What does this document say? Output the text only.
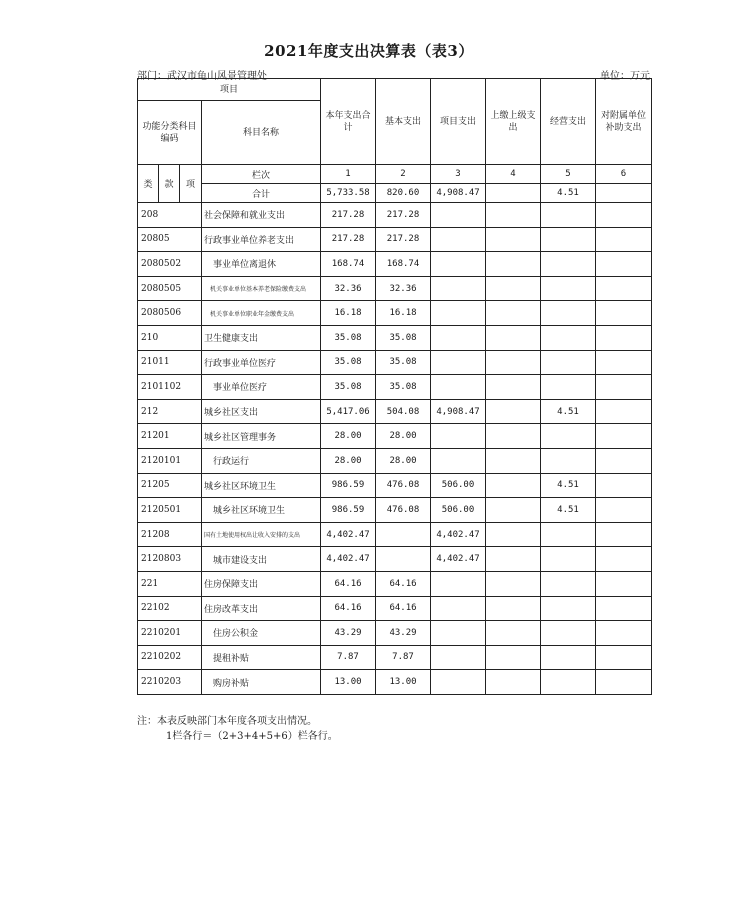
2021年度支出决算表（表3）
部门：武汉市龟山风景管理处	单位：万元
项目				本年支出合计	基本支出	项目支出	上缴上级支出	经营支出	对附属单位补助支出
功能分类科目编码			科目名称						

类	款	项	栏次	1	2	3	4	5	6
			合计	5,733.58	820.60	4,908.47		4.51	
208			社会保障和就业支出	217.28	217.28				
20805			行政事业单位养老支出	217.28	217.28				
2080502			事业单位离退休	168.74	168.74				
2080505			机关事业单位基本养老保险缴费支出	32.36	32.36				
2080506			机关事业单位职业年金缴费支出	16.18	16.18				
210			卫生健康支出	35.08	35.08				
21011			行政事业单位医疗	35.08	35.08				
2101102			事业单位医疗	35.08	35.08				
212			城乡社区支出	5,417.06	504.08	4,908.47		4.51	
21201			城乡社区管理事务	28.00	28.00				
2120101			行政运行	28.00	28.00				
21205			城乡社区环境卫生	986.59	476.08	506.00		4.51	
2120501			城乡社区环境卫生	986.59	476.08	506.00		4.51	
21208			国有土地使用权出让收入安排的支出	4,402.47		4,402.47			
2120803			城市建设支出	4,402.47		4,402.47			
221			住房保障支出	64.16	64.16				
22102			住房改革支出	64.16	64.16				
2210201			住房公积金	43.29	43.29				
2210202			提租补贴	7.87	7.87				
2210203			购房补贴	13.00	13.00				
注：本表反映部门本年度各项支出情况。
1栏各行＝（2+3+4+5+6）栏各行。
